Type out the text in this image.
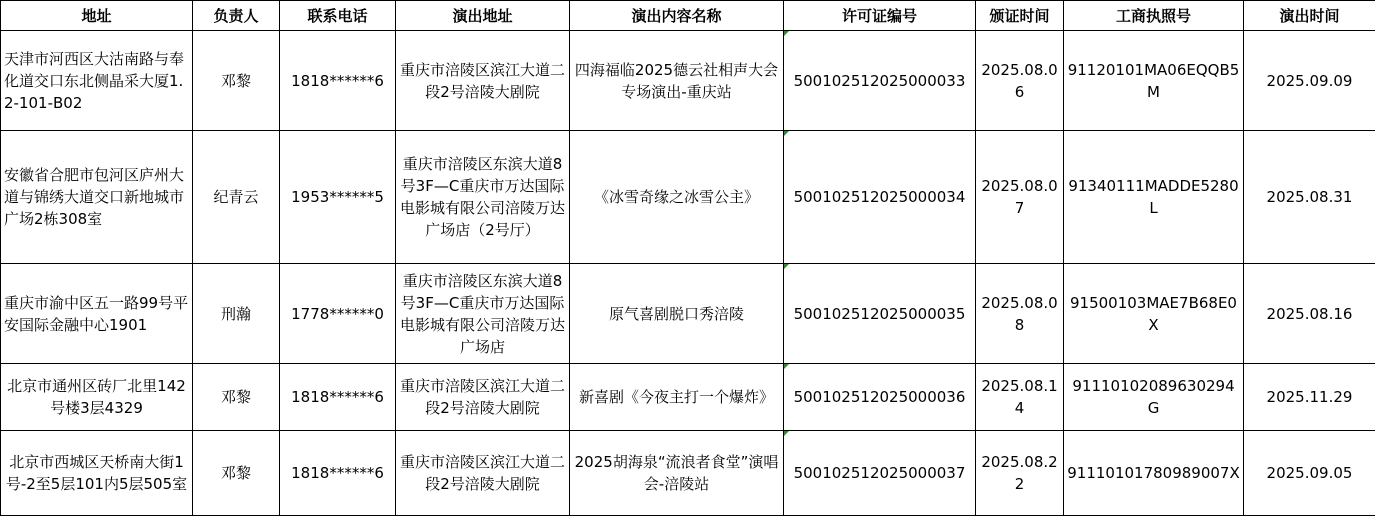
地址	负责人	联系电话	演出地址	演出内容名称	许可证编号	颁证时间	工商执照号	演出时间
天津市河西区大沽南路与奉化道交口东北侧晶采大厦1.2-101-B02	邓黎	1818******6	重庆市涪陵区滨江大道二段2号涪陵大剧院	四海福临2025德云社相声大会专场演出-重庆站	500102512025000033	2025.08.06	91120101MA06EQQB5M	2025.09.09
安徽省合肥市包河区庐州大道与锦绣大道交口新地城市广场2栋308室	纪青云	1953******5	重庆市涪陵区东滨大道8号3F—C重庆市万达国际电影城有限公司涪陵万达广场店（2号厅）	《冰雪奇缘之冰雪公主》	500102512025000034	2025.08.07	91340111MADDE5280L	2025.08.31
重庆市渝中区五一路99号平安国际金融中心1901	刑瀚	1778******0	重庆市涪陵区东滨大道8号3F—C重庆市万达国际电影城有限公司涪陵万达广场店	原气喜剧脱口秀涪陵	500102512025000035	2025.08.08	91500103MAE7B68E0X	2025.08.16
北京市通州区砖厂北里142号楼3层4329	邓黎	1818******6	重庆市涪陵区滨江大道二段2号涪陵大剧院	新喜剧《今夜主打一个爆炸》	500102512025000036	2025.08.14	91110102089630294G	2025.11.29
北京市西城区天桥南大街1号-2至5层101内5层505室	邓黎	1818******6	重庆市涪陵区滨江大道二段2号涪陵大剧院	2025胡海泉“流浪者食堂”演唱会-涪陵站	500102512025000037	2025.08.22	91110101780989007X	2025.09.05
